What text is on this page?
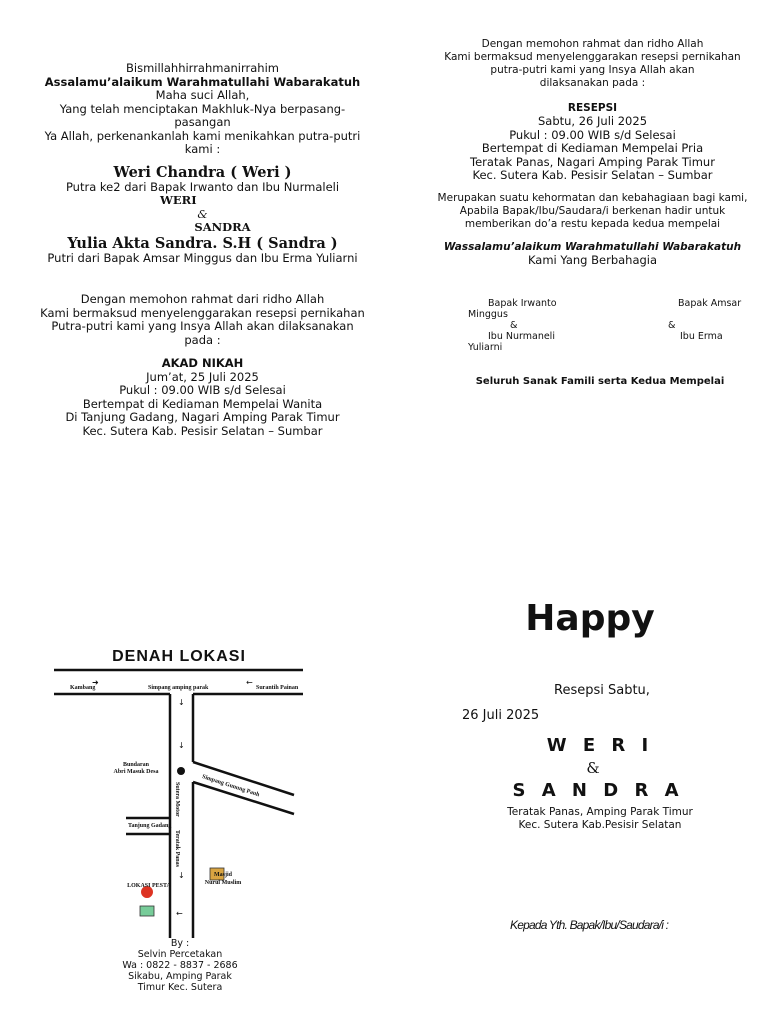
Bismillahhirrahmanirrahim
Assalamu’alaikum Warahmatullahi Wabarakatuh
Maha suci Allah,
Yang telah menciptakan Makhluk-Nya berpasang-pasangan
Ya Allah, perkenankanlah kami menikahkan putra-putri kami :
Weri Chandra ( Weri )
Putra ke2 dari Bapak Irwanto dan Ibu Nurmaleli
WERI
&
SANDRA
Yulia Akta Sandra. S.H ( Sandra )
Putri dari Bapak Amsar Minggus dan Ibu Erma Yuliarni
Dengan memohon rahmat dari ridho Allah
Kami bermaksud menyelenggarakan resepsi pernikahan
Putra-putri kami yang Insya Allah akan dilaksanakan pada :
AKAD NIKAH
Jum’at, 25 Juli 2025
Pukul : 09.00 WIB s/d Selesai
Bertempat di Kediaman Mempelai Wanita
Di Tanjung Gadang, Nagari Amping Parak Timur
Kec. Sutera Kab. Pesisir Selatan – Sumbar
Dengan memohon rahmat dan ridho Allah
Kami bermaksud menyelenggarakan resepsi pernikahan
putra-putri kami yang Insya Allah akan dilaksanakan pada :
RESEPSI
Sabtu, 26 Juli 2025
Pukul : 09.00 WIB s/d Selesai
Bertempat di Kediaman Mempelai Pria
Teratak Panas, Nagari Amping Parak Timur
Kec. Sutera Kab. Pesisir Selatan – Sumbar
Merupakan suatu kehormatan dan kebahagiaan bagi kami,
Apabila Bapak/Ibu/Saudara/i berkenan hadir untuk
memberikan do’a restu kepada kedua mempelai
Wassalamu’alaikum Warahmatullahi Wabarakatuh
Kami Yang Berbahagia
Bapak Irwanto
Minggus
&
Ibu Nurmaneli
Yuliarni
Bapak Amsar
&
Ibu Erma
Seluruh Sanak Famili serta Kedua Mempelai
Happy
Resepsi Sabtu,
26 Juli 2025
W E R I
&
S A N D R A
Teratak Panas, Amping Parak Timur
Kec. Sutera Kab.Pesisir Selatan
Kepada Yth. Bapak/Ibu/Saudara/i :
DENAH LOKASI
➜	←
↓
↓
↓
←
Kambang	Simpang amping parak	Surantih Painan
Bundaran
Abri Masuk Desa
Simpang Gunung Pauh
Sutera Motor
Tanjung Gadang
Teratak Panas
Masjid
Nurul Muslim
LOKASI PESTA
By :
Selvin Percetakan
Wa : 0822 - 8837 - 2686
Sikabu, Amping Parak
Timur Kec. Sutera
